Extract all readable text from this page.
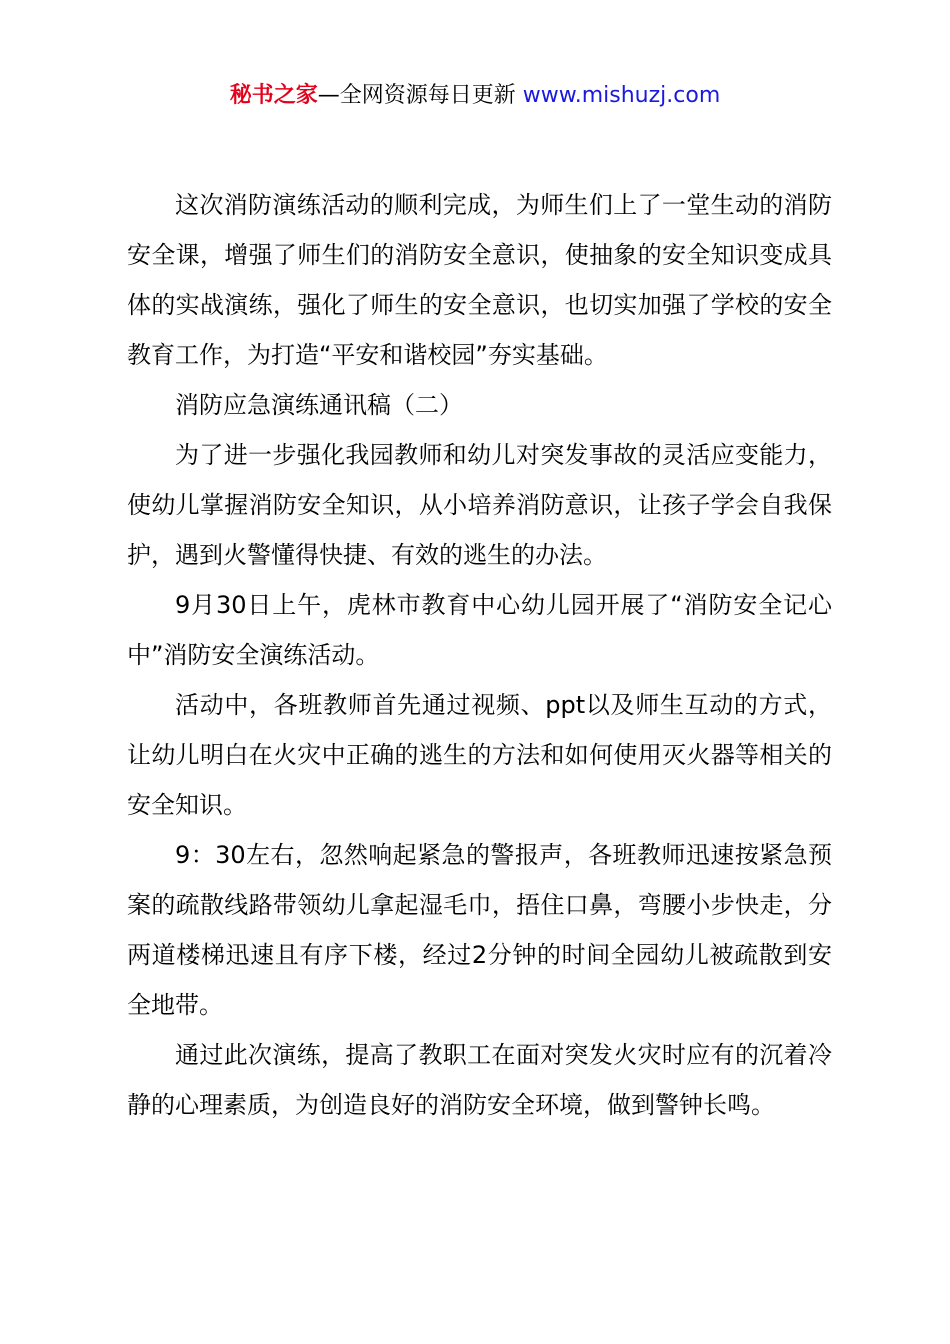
秘书之家—全网资源每日更新 www.mishuzj.com

这次消防演练活动的顺利完成，为师生们上了一堂生动的消防安全课，增强了师生们的消防安全意识，使抽象的安全知识变成具体的实战演练，强化了师生的安全意识，也切实加强了学校的安全教育工作，为打造“平安和谐校园”夯实基础。

消防应急演练通讯稿（二）

为了进一步强化我园教师和幼儿对突发事故的灵活应变能力，使幼儿掌握消防安全知识，从小培养消防意识，让孩子学会自我保护，遇到火警懂得快捷、有效的逃生的办法。

9月30日上午，虎林市教育中心幼儿园开展了“消防安全记心中”消防安全演练活动。

活动中，各班教师首先通过视频、ppt以及师生互动的方式，让幼儿明白在火灾中正确的逃生的方法和如何使用灭火器等相关的安全知识。

9：30左右，忽然响起紧急的警报声，各班教师迅速按紧急预案的疏散线路带领幼儿拿起湿毛巾，捂住口鼻，弯腰小步快走，分两道楼梯迅速且有序下楼，经过2分钟的时间全园幼儿被疏散到安全地带。

通过此次演练，提高了教职工在面对突发火灾时应有的沉着冷静的心理素质，为创造良好的消防安全环境，做到警钟长鸣。
